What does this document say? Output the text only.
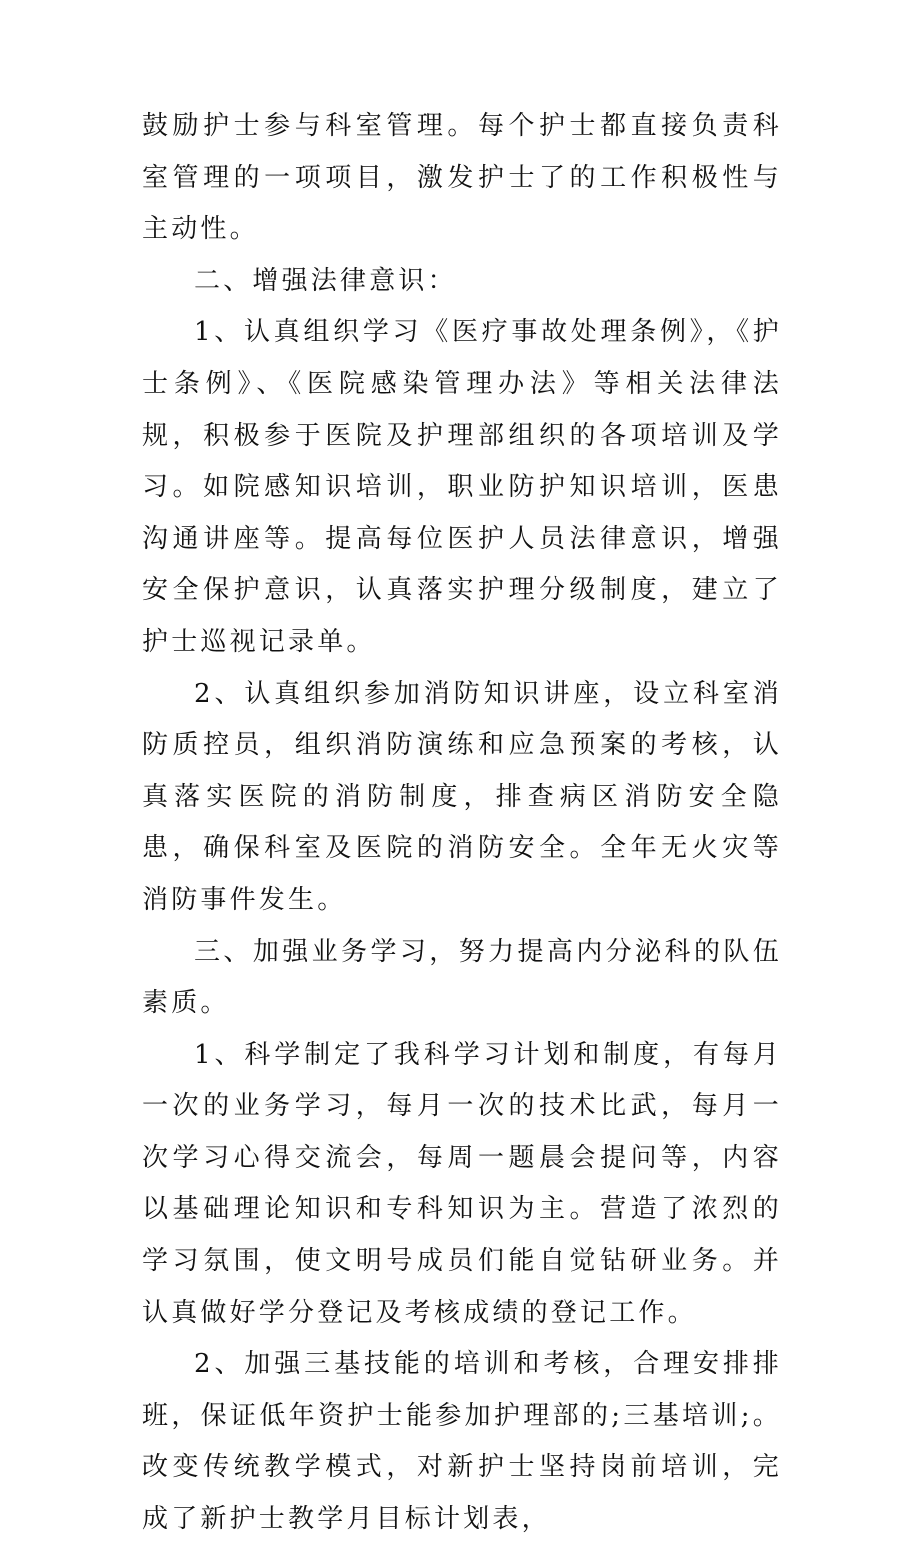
鼓励护士参与科室管理。每个护士都直接负责科室管理的一项项目，激发护士了的工作积极性与主动性。

二、增强法律意识：

1、认真组织学习《医疗事故处理条例》，《护士条例》、《医院感染管理办法》等相关法律法规，积极参于医院及护理部组织的各项培训及学习。如院感知识培训，职业防护知识培训，医患沟通讲座等。提高每位医护人员法律意识，增强安全保护意识，认真落实护理分级制度，建立了护士巡视记录单。

2、认真组织参加消防知识讲座，设立科室消防质控员，组织消防演练和应急预案的考核，认真落实医院的消防制度，排查病区消防安全隐患，确保科室及医院的消防安全。全年无火灾等消防事件发生。

三、加强业务学习，努力提高内分泌科的队伍素质。

1、科学制定了我科学习计划和制度，有每月一次的业务学习，每月一次的技术比武，每月一次学习心得交流会，每周一题晨会提问等，内容以基础理论知识和专科知识为主。营造了浓烈的学习氛围，使文明号成员们能自觉钻研业务。并认真做好学分登记及考核成绩的登记工作。

2、加强三基技能的培训和考核，合理安排排班，保证低年资护士能参加护理部的;三基培训;。改变传统教学模式，对新护士坚持岗前培训，完成了新护士教学月目标计划表，
